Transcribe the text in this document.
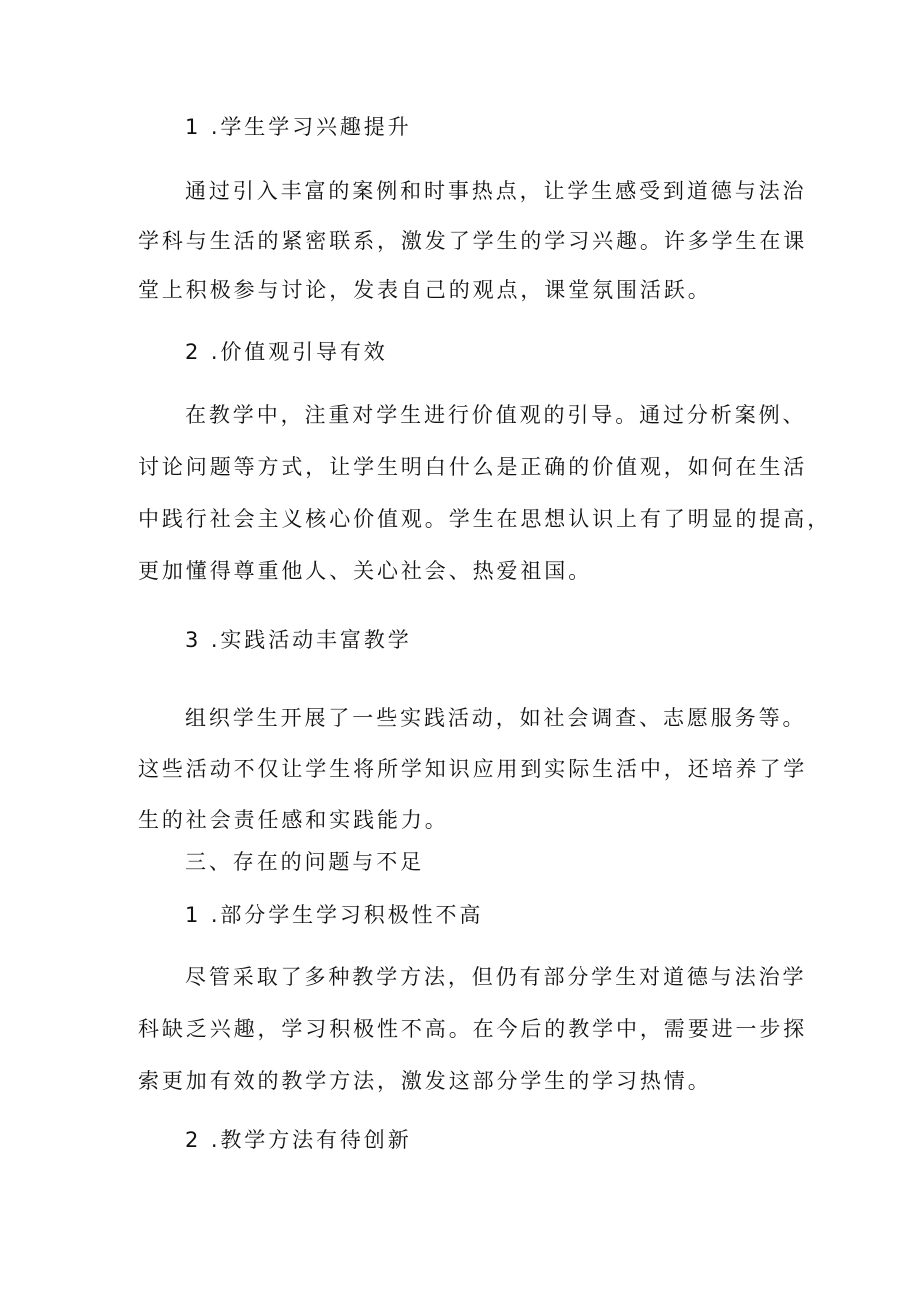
1 .学生学习兴趣提升
通过引入丰富的案例和时事热点，让学生感受到道德与法治
学科与生活的紧密联系，激发了学生的学习兴趣。许多学生在课
堂上积极参与讨论，发表自己的观点，课堂氛围活跃。
2 .价值观引导有效
在教学中，注重对学生进行价值观的引导。通过分析案例、
讨论问题等方式，让学生明白什么是正确的价值观，如何在生活
中践行社会主义核心价值观。学生在思想认识上有了明显的提高，
更加懂得尊重他人、关心社会、热爱祖国。
3 .实践活动丰富教学
组织学生开展了一些实践活动，如社会调查、志愿服务等。
这些活动不仅让学生将所学知识应用到实际生活中，还培养了学
生的社会责任感和实践能力。
三、存在的问题与不足
1 .部分学生学习积极性不高
尽管采取了多种教学方法，但仍有部分学生对道德与法治学
科缺乏兴趣，学习积极性不高。在今后的教学中，需要进一步探
索更加有效的教学方法，激发这部分学生的学习热情。
2 .教学方法有待创新
